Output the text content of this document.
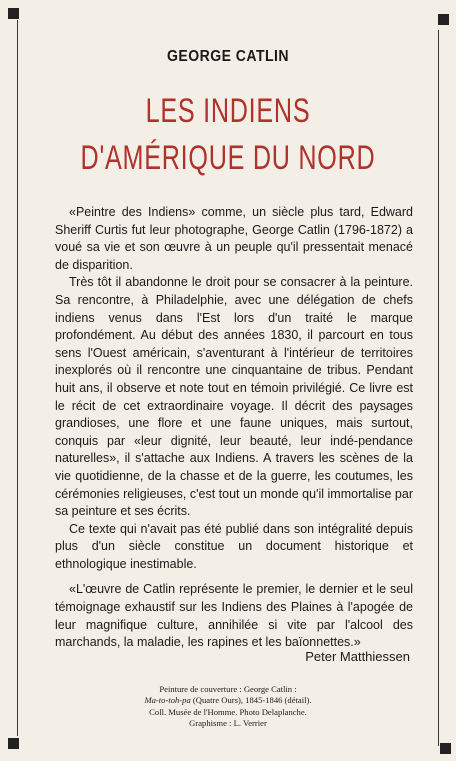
GEORGE CATLIN
LES INDIENS
D'AMÉRIQUE DU NORD

«Peintre des Indiens» comme, un siècle plus tard, Edward Sheriff Curtis fut leur photographe, George Catlin (1796-1872) a voué sa vie et son œuvre à un peuple qu'il pressentait menacé de disparition.

Très tôt il abandonne le droit pour se consacrer à la peinture. Sa rencontre, à Philadelphie, avec une délégation de chefs indiens venus dans l'Est lors d'un traité le marque profondément. Au début des années 1830, il parcourt en tous sens l'Ouest américain, s'aventurant à l'intérieur de territoires inexplorés où il rencontre une cinquantaine de tribus. Pendant huit ans, il observe et note tout en témoin privilégié. Ce livre est le récit de cet extraordinaire voyage. Il décrit des paysages grandioses, une flore et une faune uniques, mais surtout, conquis par «leur dignité, leur beauté, leur indé-pendance naturelles», il s'attache aux Indiens. A travers les scènes de la vie quotidienne, de la chasse et de la guerre, les coutumes, les cérémonies religieuses, c'est tout un monde qu'il immortalise par sa peinture et ses écrits.

Ce texte qui n'avait pas été publié dans son intégralité depuis plus d'un siècle constitue un document historique et ethnologique inestimable.

«L'œuvre de Catlin représente le premier, le dernier et le seul témoignage exhaustif sur les Indiens des Plaines à l'apogée de leur magnifique culture, annihilée si vite par l'alcool des marchands, la maladie, les rapines et les baïonnettes.»

Peter Matthiessen
Peinture de couverture : George Catlin :
Ma-to-toh-pa (Quatre Ours), 1845-1846 (détail).
Coll. Musée de l'Homme. Photo Delaplanche.
Graphisme : L. Verrier
